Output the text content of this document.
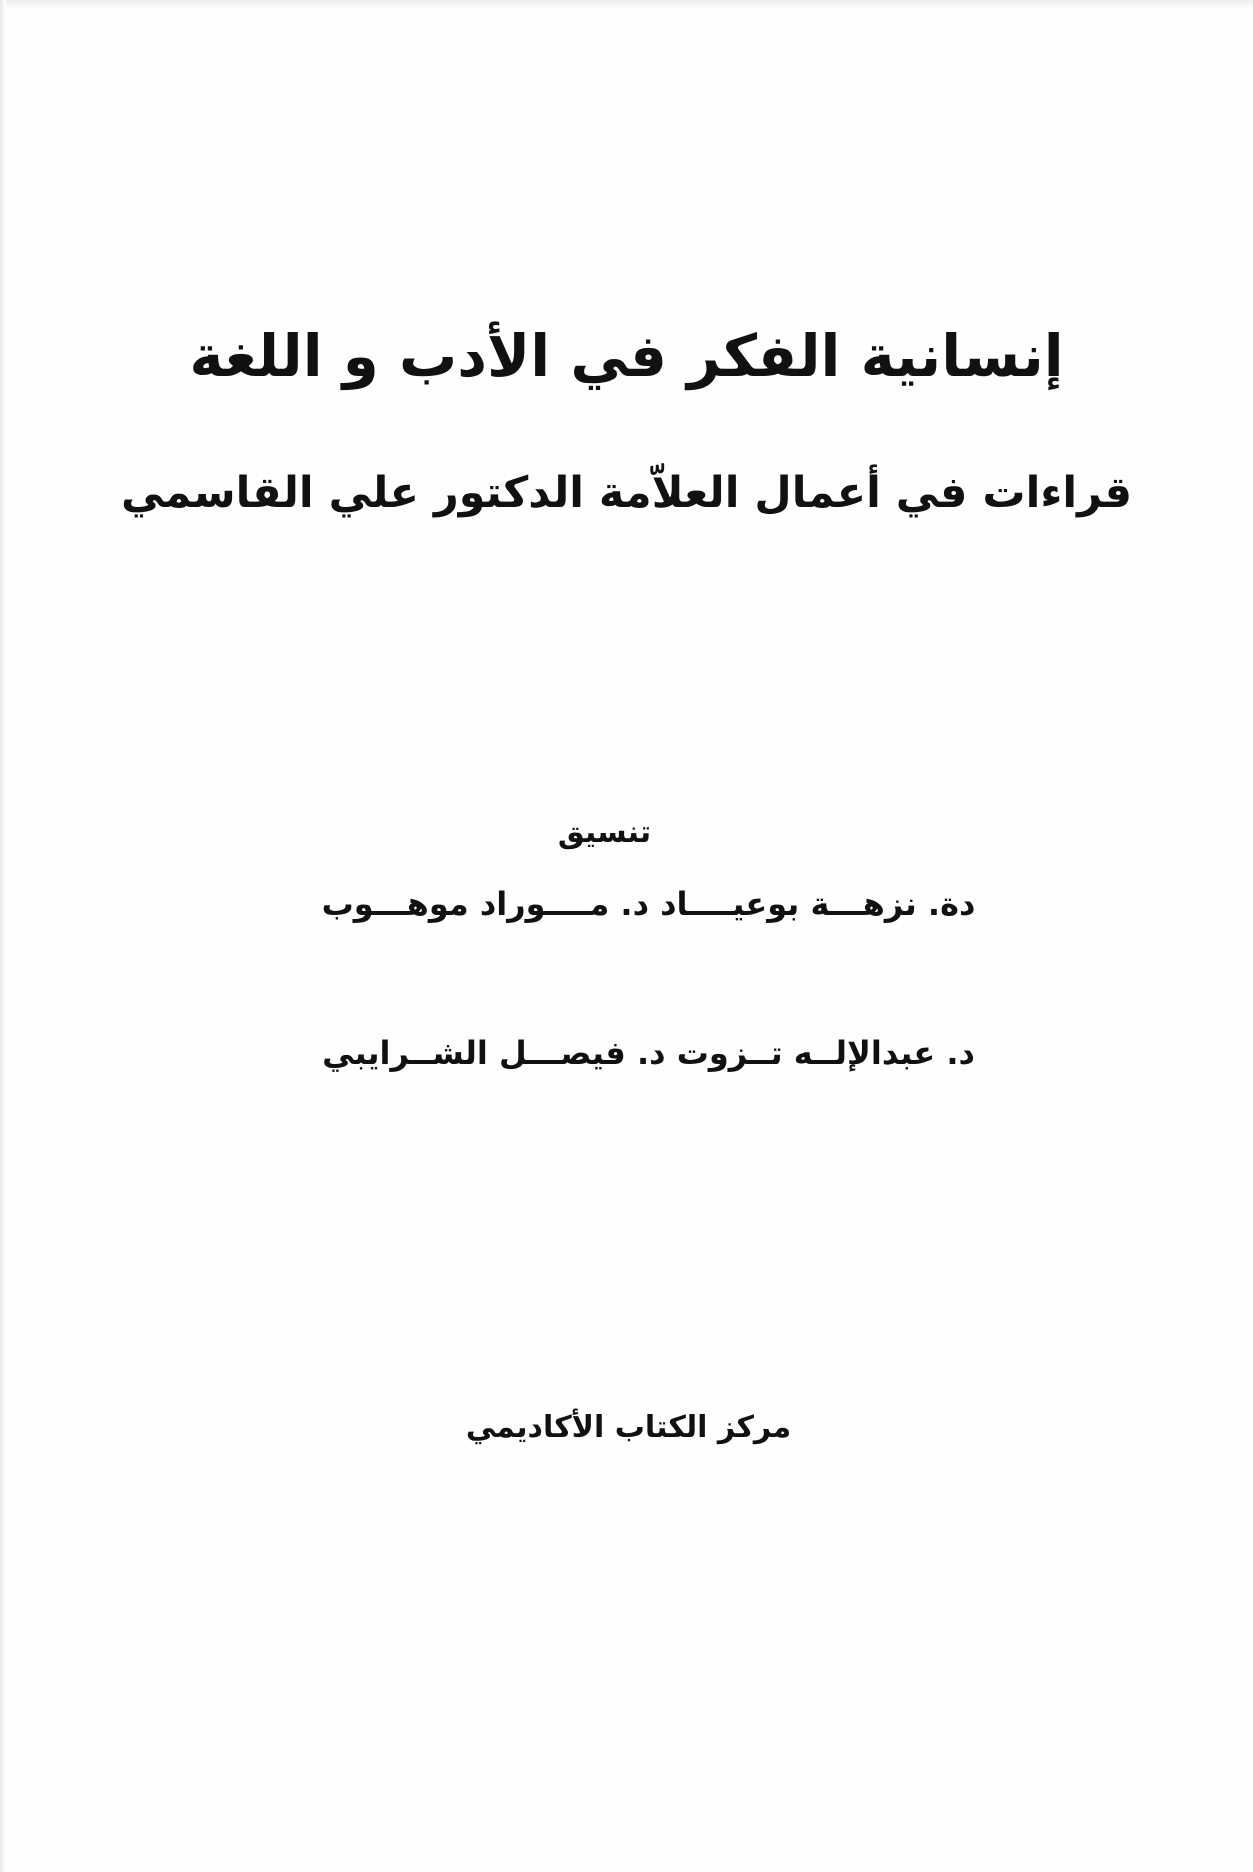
إنسانية الفكر في الأدب و اللغة
قراءات في أعمال العلاّمة الدكتور علي القاسمي
تنسيق
دة. نزهـــة بوعيــــاد د. مــــوراد موهـــوب
د. عبدالإلــه تــزوت د. فيصـــل الشــرايبي
مركز الكتاب الأكاديمي
